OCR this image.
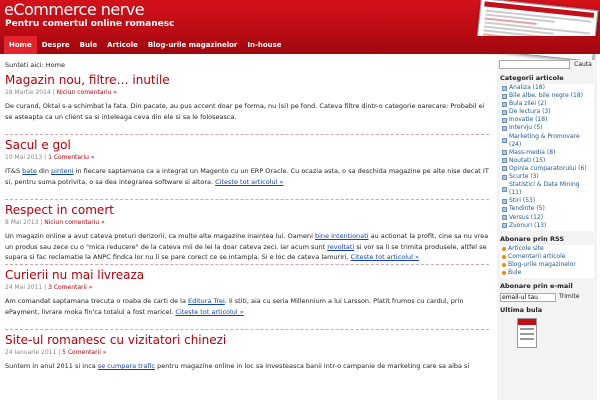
eCommerce nerve
Pentru comertul online romanesc
Home	Despre	Bule	Articole	Blog-urile magazinelor	In-house
Sunteti aici: Home
Magazin nou, filtre… inutile
18 Martie 2014 | Niciun comentariu »
De curand, Oktal s-a schimbat la fata. Din pacate, au pus accent doar pe forma, nu (si) pe fond. Cateva filtre dintr-o categorie oarecare: Probabil ei
se asteapta ca un client sa si inteleaga ceva din ele si sa le foloseasca.
Sacul e gol
10 Mai 2013 | 1 Comentariu »
IT&S bate din pinteni in fiecare saptamana ca a integrat un Magento cu un ERP Oracle. Cu ocazia asta, o sa deschida magazine pe alte nise decat IT
si, pentru suma potrivita, o sa dea integrarea software si altora. Citeste tot articolul »
Respect in comert
8 Mai 2013 | Niciun comentariu »
Un magazin online a avut cateva preturi derizorii, ca multe alte magazine inaintea lui. Oameni bine intentionati au actionat la profit, cine sa nu vrea
un produs sau zece cu o "mica reducere" de la cateva mii de lei la doar cateva zeci. Iar acum sunt revoltati si vor sa li se trimita produsele, altfel se
supara si fac reclamatie la ANPC findca lor nu li se pare corect ce se intampla. Si e loc de cateva lamuriri. Citeste tot articolul »
Curierii nu mai livreaza
24 Mai 2011 | 3 Comentarii »
Am comandat saptamana trecuta o roaba de carti de la Editura Trei. Ii stiti, aia cu seria Millennium a lui Larsson. Platit frumos cu cardul, prin
ePayment, livrare moka fin'ca totalul a fost maricel. Citeste tot articolul »
Site-ul romanesc cu vizitatori chinezi
24 Ianuarie 2011 | 5 Comentarii »
Suntem in anul 2011 si inca se cumpara trafic pentru magazine online in loc sa investeasca banii intr-o campanie de marketing care sa aiba si
Cauta
Categorii articole
Analiza (18)
Bile albe, bile negre (18)
Bula zilei (2)
De lectura (3)
Inovatie (18)
Intervju (5)
Marketing & Promovare (24)
Mass-media (8)
Noutati (15)
Opinia cumparatorului (6)
Scurte (3)
Statistici & Data Mining (11)
Stiri (53)
Tendinte (5)
Versus (12)
Zvonuri (13)
Abonare prin RSS
Articole site
Comentarii articole
Blog-urile magazinelor
Bule
Abonare prin e-mail
email-ul tau
Trimite
Ultima bula
